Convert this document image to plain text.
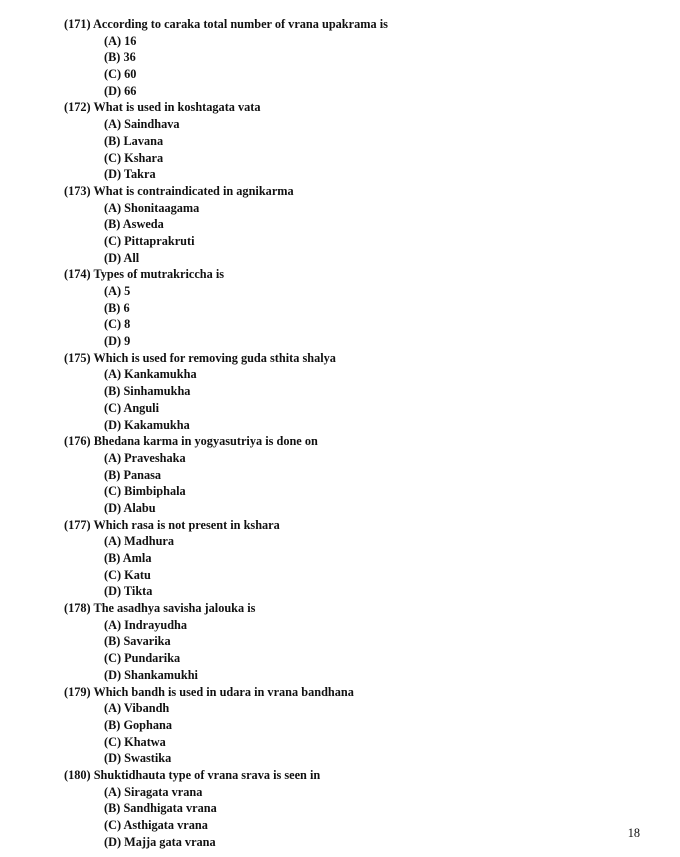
(171) According to caraka total number of vrana upakrama is
(A) 16
(B) 36
(C) 60
(D) 66
(172) What is used in koshtagata vata
(A) Saindhava
(B) Lavana
(C) Kshara
(D) Takra
(173) What is contraindicated in agnikarma
(A) Shonitaagama
(B) Asweda
(C) Pittaprakruti
(D) All
(174) Types of mutrakriccha is
(A) 5
(B) 6
(C) 8
(D) 9
(175) Which is used for removing guda sthita shalya
(A) Kankamukha
(B) Sinhamukha
(C) Anguli
(D) Kakamukha
(176) Bhedana karma in yogyasutriya is done on
(A) Praveshaka
(B) Panasa
(C) Bimbiphala
(D) Alabu
(177) Which rasa is not present in kshara
(A) Madhura
(B) Amla
(C) Katu
(D) Tikta
(178) The asadhya savisha jalouka is
(A) Indrayudha
(B) Savarika
(C) Pundarika
(D) Shankamukhi
(179) Which bandh is used in udara in vrana bandhana
(A) Vibandh
(B) Gophana
(C) Khatwa
(D) Swastika
(180) Shuktidhauta type of vrana srava is seen in
(A) Siragata vrana
(B) Sandhigata vrana
(C) Asthigata vrana
(D) Majja gata vrana
18
